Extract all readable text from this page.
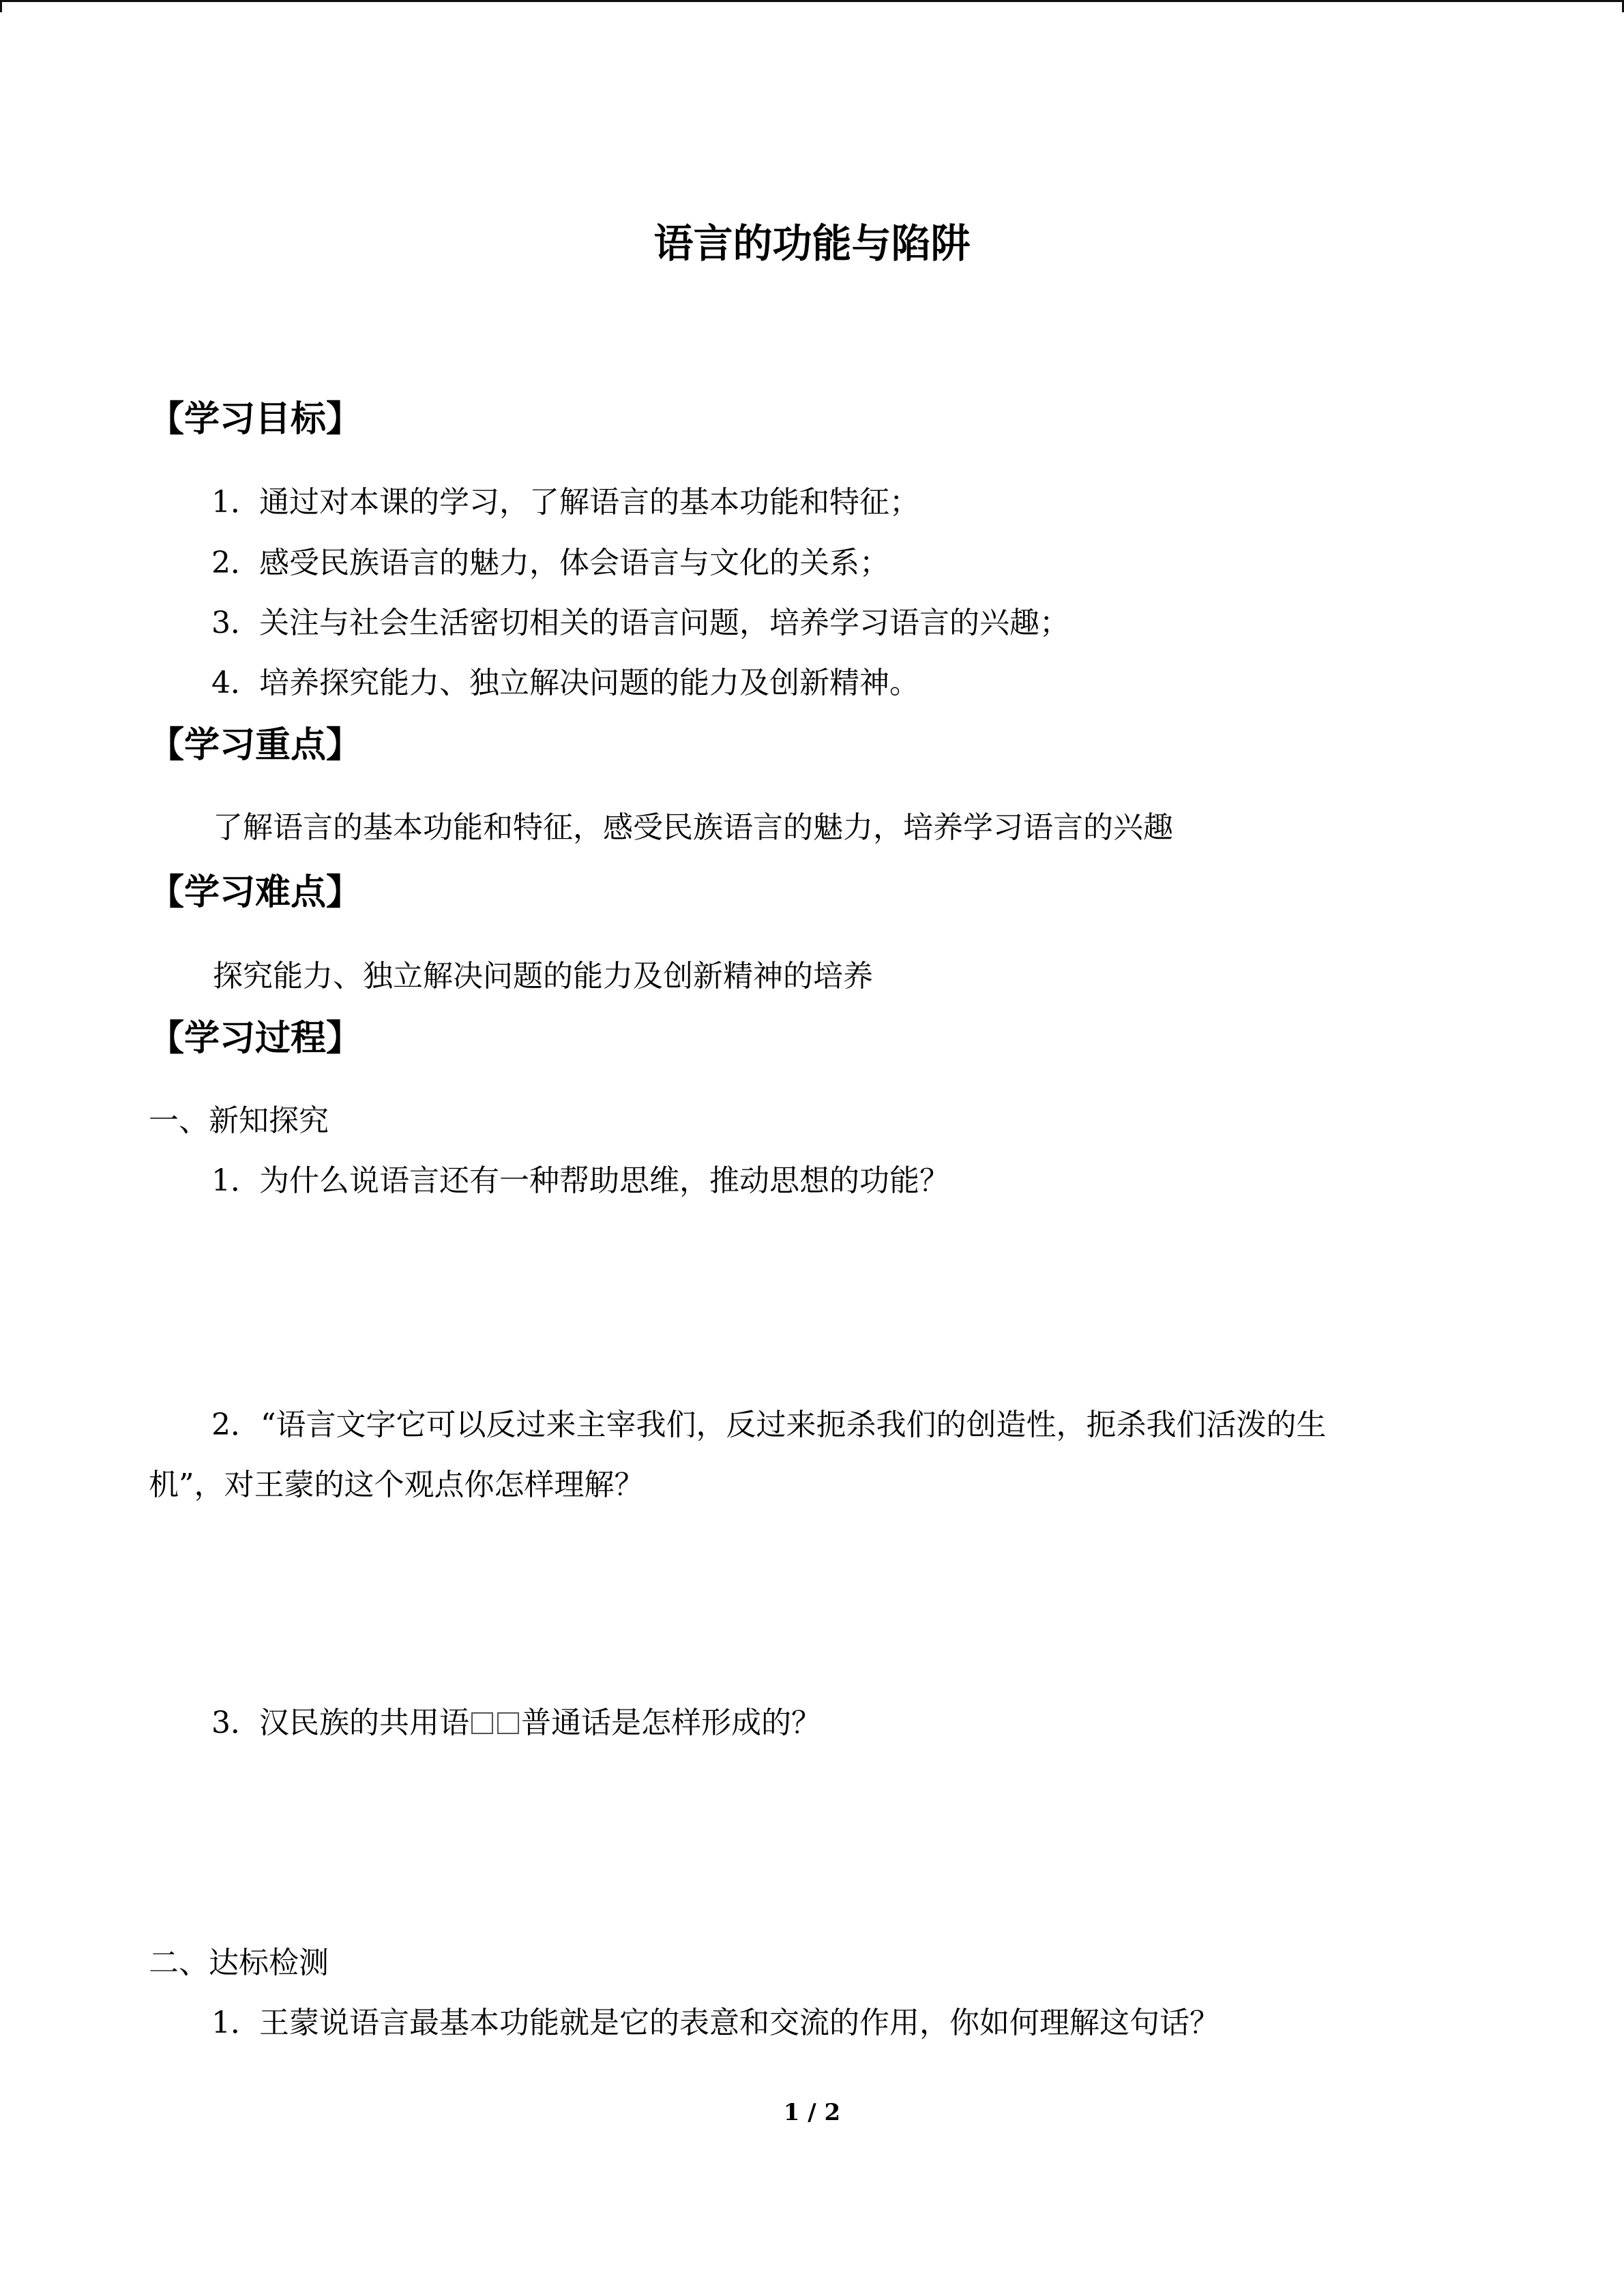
语言的功能与陷阱
【学习目标】
1．通过对本课的学习，了解语言的基本功能和特征；
2．感受民族语言的魅力，体会语言与文化的关系；
3．关注与社会生活密切相关的语言问题，培养学习语言的兴趣；
4．培养探究能力、独立解决问题的能力及创新精神。
【学习重点】
了解语言的基本功能和特征，感受民族语言的魅力，培养学习语言的兴趣
【学习难点】
探究能力、独立解决问题的能力及创新精神的培养
【学习过程】
一、新知探究
1．为什么说语言还有一种帮助思维，推动思想的功能？
2．“语言文字它可以反过来主宰我们，反过来扼杀我们的创造性，扼杀我们活泼的生
机”，对王蒙的这个观点你怎样理解？
3．汉民族的共用语 普通话是怎样形成的？
二、达标检测
1．王蒙说语言最基本功能就是它的表意和交流的作用，你如何理解这句话？
1 / 2
